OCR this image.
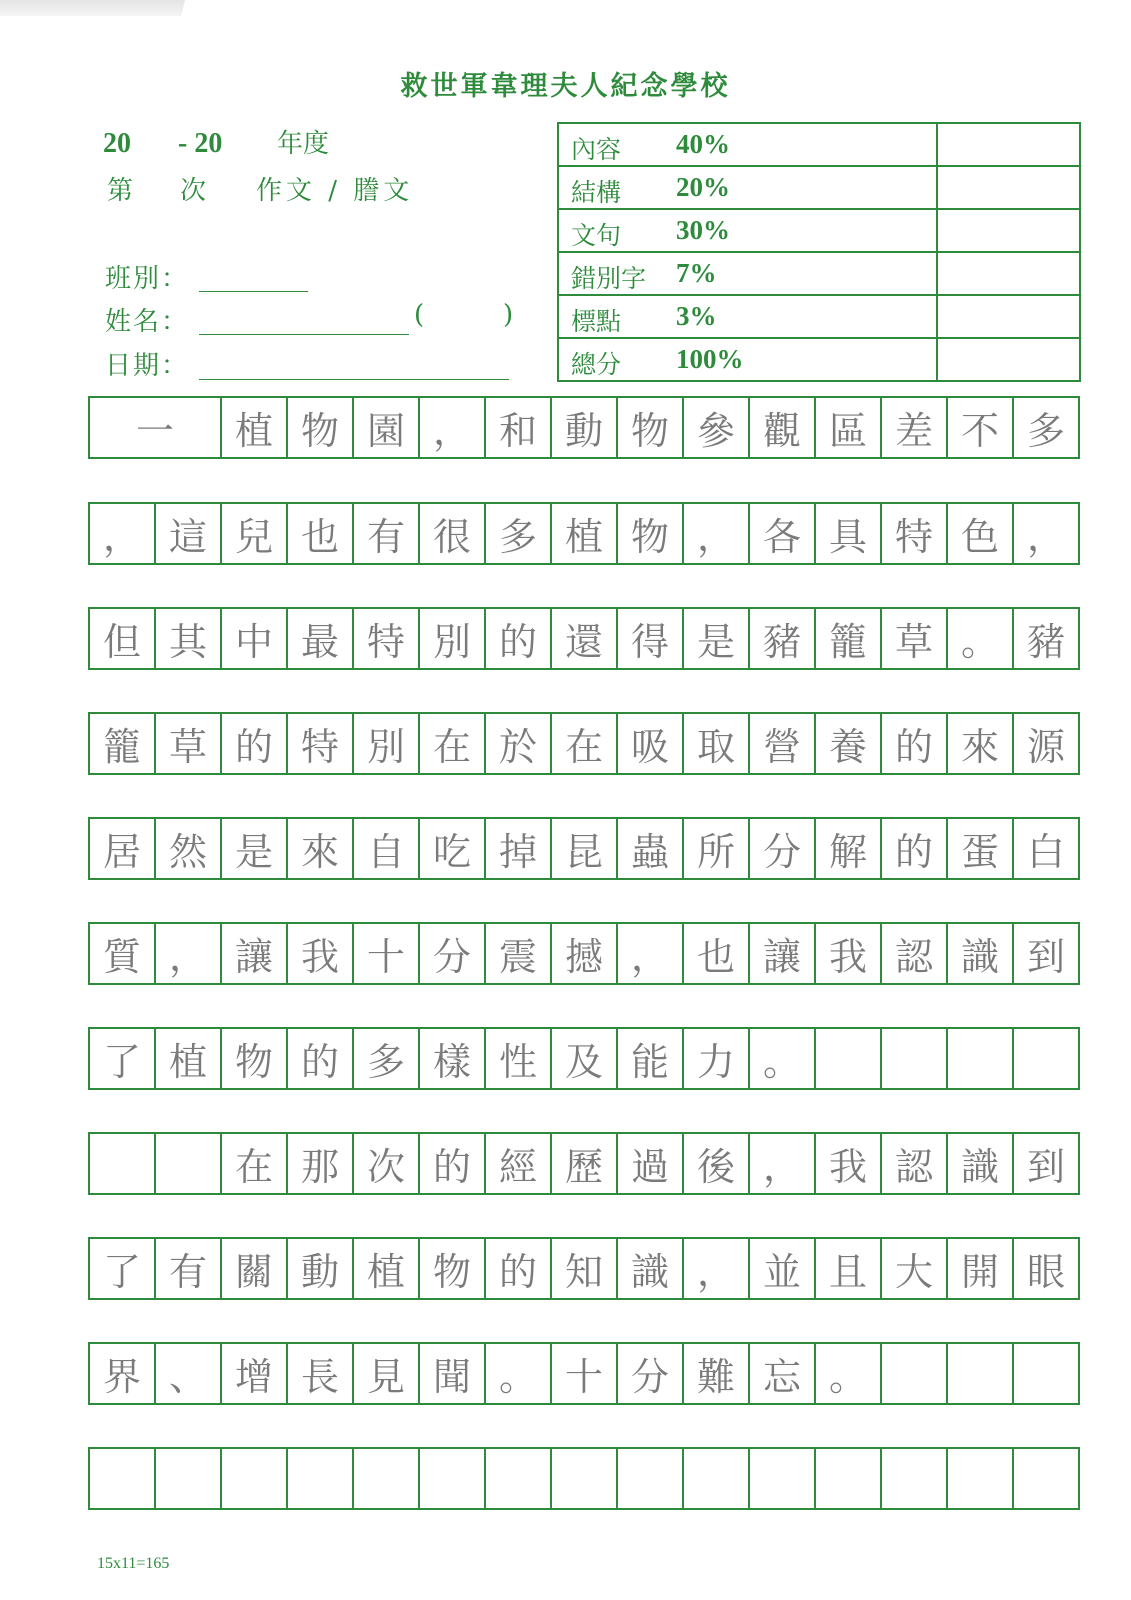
救世軍韋理夫人紀念學校
20 - 20 年度
第 次 作文 / 謄文
班別：
姓名：	(	)
日期：
內容 40%	

結構 20%	

文句 30%	

錯別字 7%	

標點 3%	

總分 100%	

一	植 物 園 ， 和 動 物 參 觀 區 差 不 多
， 這 兒 也 有 很 多 植 物 ， 各 具 特 色 ，
但 其 中 最 特 別 的 還 得 是 豬 籠 草 。 豬
籠 草 的 特 別 在 於 在 吸 取 營 養 的 來 源
居 然 是 來 自 吃 掉 昆 蟲 所 分 解 的 蛋 白
質 ， 讓 我 十 分 震 撼 ， 也 讓 我 認 識 到
了 植 物 的 多 樣 性 及 能 力 。
在 那 次 的 經 歷 過 後 ， 我 認 識 到
了 有 關 動 植 物 的 知 識 ， 並 且 大 開 眼
界 、 增 長 見 聞 。 十 分 難 忘 。
15x11=165
